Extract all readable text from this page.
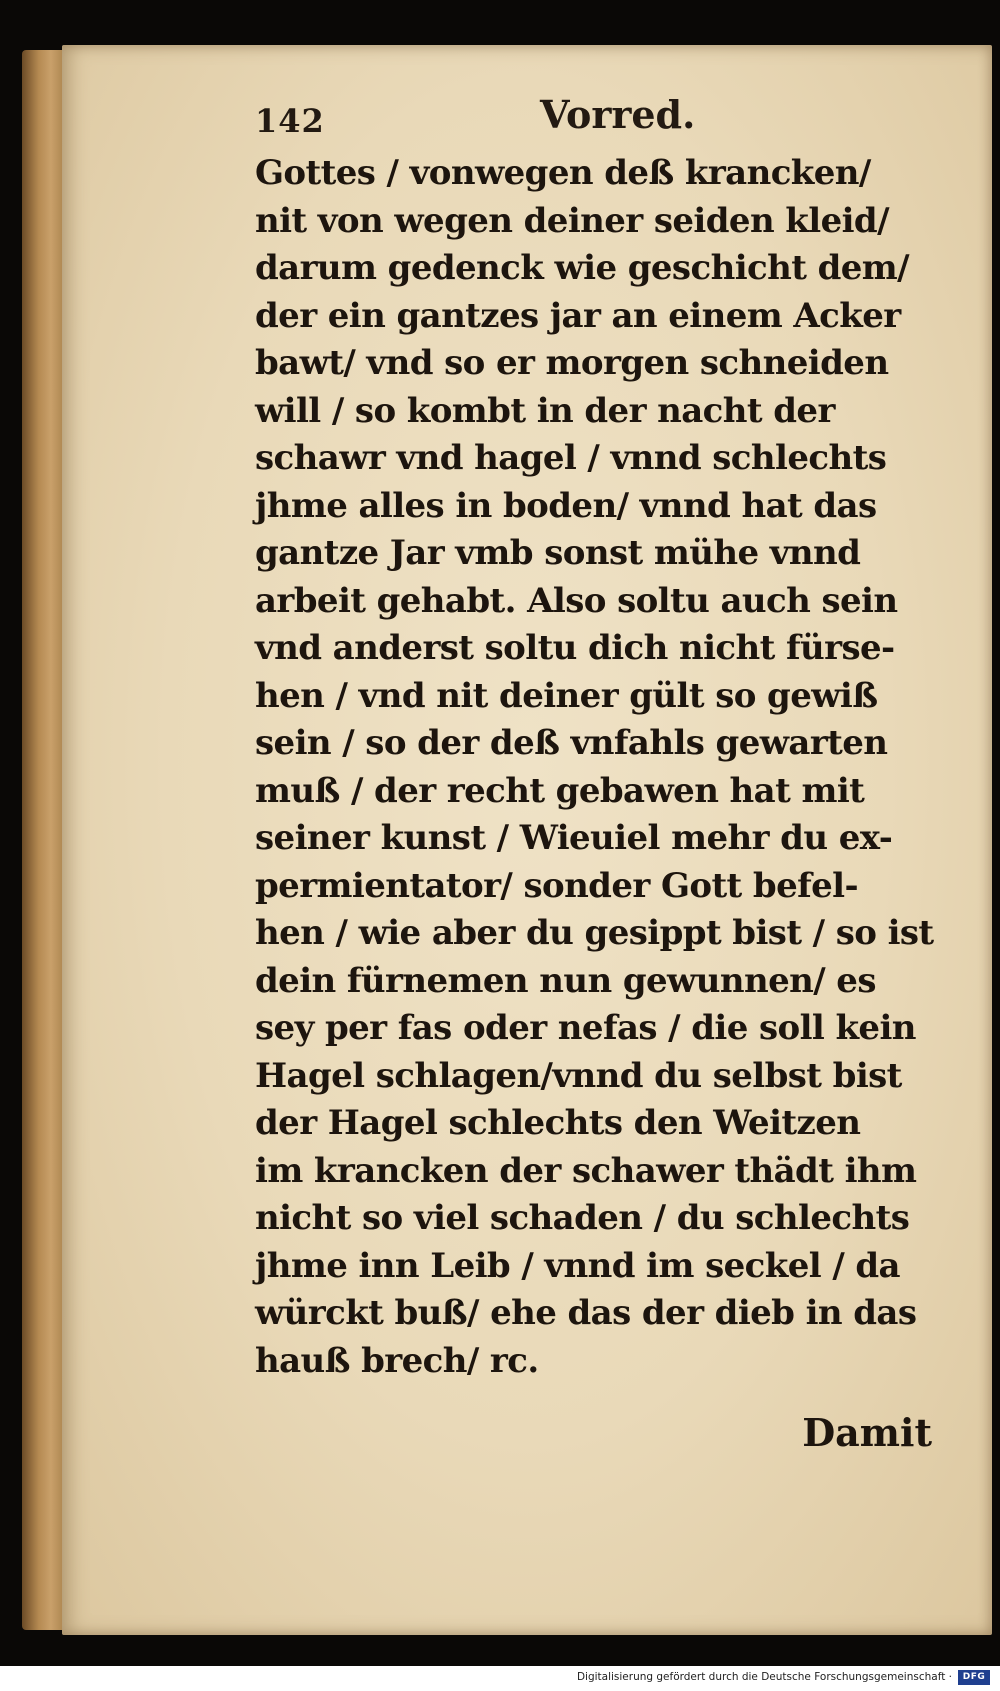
142	Vorred.
Gottes / vonwegen deß krancken/
nit von wegen deiner seiden kleid/
darum gedenck wie geschicht dem/
der ein gantzes jar an einem Acker
bawt/ vnd so er morgen schneiden
will / so kombt in der nacht der
schawr vnd hagel / vnnd schlechts
jhme alles in boden/ vnnd hat das
gantze Jar vmb sonst mühe vnnd
arbeit gehabt. Also soltu auch sein
vnd anderst soltu dich nicht fürse-
hen / vnd nit deiner gült so gewiß
sein / so der deß vnfahls gewarten
muß / der recht gebawen hat mit
seiner kunst / Wieuiel mehr du ex-
permientator/ sonder Gott befel-
hen / wie aber du gesippt bist / so ist
dein fürnemen nun gewunnen/ es
sey per fas oder nefas / die soll kein
Hagel schlagen/vnnd du selbst bist
der Hagel schlechts den Weitzen
im krancken der schawer thädt ihm
nicht so viel schaden / du schlechts
jhme inn Leib / vnnd im seckel / da
würckt buß/ ehe das der dieb in das
hauß brech/ rc.
Damit
Digitalisierung gefördert durch die Deutsche Forschungsgemeinschaft ·	DFG
